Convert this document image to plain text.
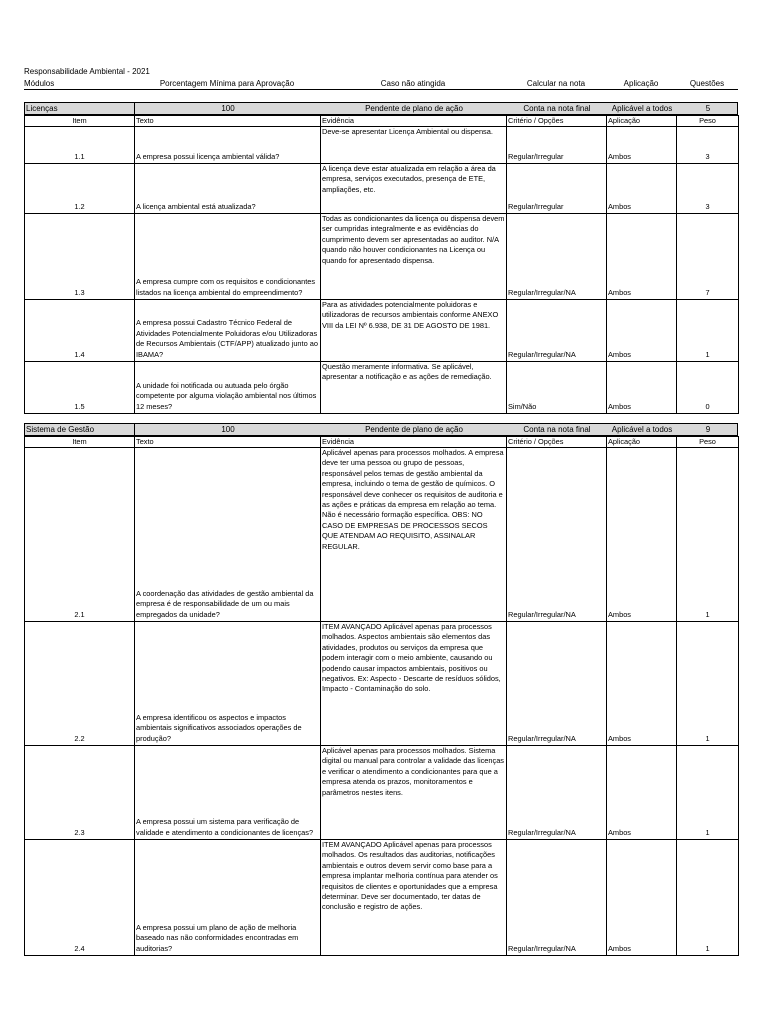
Responsabilidade Ambiental - 2021
Módulos	Porcentagem Mínima para Aprovação	Caso não atingida	Calcular na nota	Aplicação	Questões
Licenças	100	Pendente de plano de ação	Conta na nota final	Aplicável a todos	5
Item	Texto	Evidência	Critério / Opções	Aplicação	Peso
1.1	A empresa possui licença ambiental válida?	Deve-se apresentar Licença Ambiental ou dispensa.	Regular/Irregular	Ambos	3
1.2	A licença ambiental está atualizada?	A licença deve estar atualizada em relação a área da empresa, serviços executados, presença de ETE, ampliações, etc.	Regular/Irregular	Ambos	3
1.3	A empresa cumpre com os requisitos e condicionantes listados na licença ambiental do empreendimento?	Todas as condicionantes da licença ou dispensa devem ser cumpridas integralmente e as evidências do cumprimento devem ser apresentadas ao auditor. N/A quando não houver condicionantes na Licença ou quando for apresentado dispensa.	Regular/Irregular/NA	Ambos	7
1.4	A empresa possui Cadastro Técnico Federal de Atividades Potencialmente Poluidoras e/ou Utilizadoras de Recursos Ambientais (CTF/APP) atualizado junto ao IBAMA?	Para as atividades potencialmente poluidoras e utilizadoras de recursos ambientais conforme ANEXO VIII da LEI Nº 6.938, DE 31 DE AGOSTO DE 1981.	Regular/Irregular/NA	Ambos	1
1.5	A unidade foi notificada ou autuada pelo órgão competente por alguma violação ambiental nos últimos 12 meses?	Questão meramente informativa. Se aplicável, apresentar a notificação e as ações de remediação.	Sim/Não	Ambos	0
Sistema de Gestão	100	Pendente de plano de ação	Conta na nota final	Aplicável a todos	9
Item	Texto	Evidência	Critério / Opções	Aplicação	Peso
2.1	A coordenação das atividades de gestão ambiental da empresa é de responsabilidade de um ou mais empregados da unidade?	Aplicável apenas para processos molhados. A empresa deve ter uma pessoa ou grupo de pessoas, responsável pelos temas de gestão ambiental da empresa, incluindo o tema de gestão de químicos. O responsável deve conhecer os requisitos de auditoria e as ações e práticas da empresa em relação ao tema. Não é necessário formação específica. OBS: NO CASO DE EMPRESAS DE PROCESSOS SECOS QUE ATENDAM AO REQUISITO, ASSINALAR REGULAR.	Regular/Irregular/NA	Ambos	1
2.2	A empresa identificou os aspectos e impactos ambientais significativos associados operações de produção?	ITEM AVANÇADO Aplicável apenas para processos molhados. Aspectos ambientais são elementos das atividades, produtos ou serviços da empresa que podem interagir com o meio ambiente, causando ou podendo causar impactos ambientais, positivos ou negativos. Ex: Aspecto - Descarte de resíduos sólidos, Impacto - Contaminação do solo.	Regular/Irregular/NA	Ambos	1
2.3	A empresa possui um sistema para verificação de validade e atendimento a condicionantes de licenças?	Aplicável apenas para processos molhados. Sistema digital ou manual para controlar a validade das licenças e verificar o atendimento a condicionantes para que a empresa atenda os prazos, monitoramentos e parâmetros nestes itens.	Regular/Irregular/NA	Ambos	1
2.4	A empresa possui um plano de ação de melhoria baseado nas não conformidades encontradas em auditorias?	ITEM AVANÇADO Aplicável apenas para processos molhados. Os resultados das auditorias, notificações ambientais e outros devem servir como base para a empresa implantar melhoria contínua para atender os requisitos de clientes e oportunidades que a empresa determinar. Deve ser documentado, ter datas de conclusão e registro de ações.	Regular/Irregular/NA	Ambos	1
